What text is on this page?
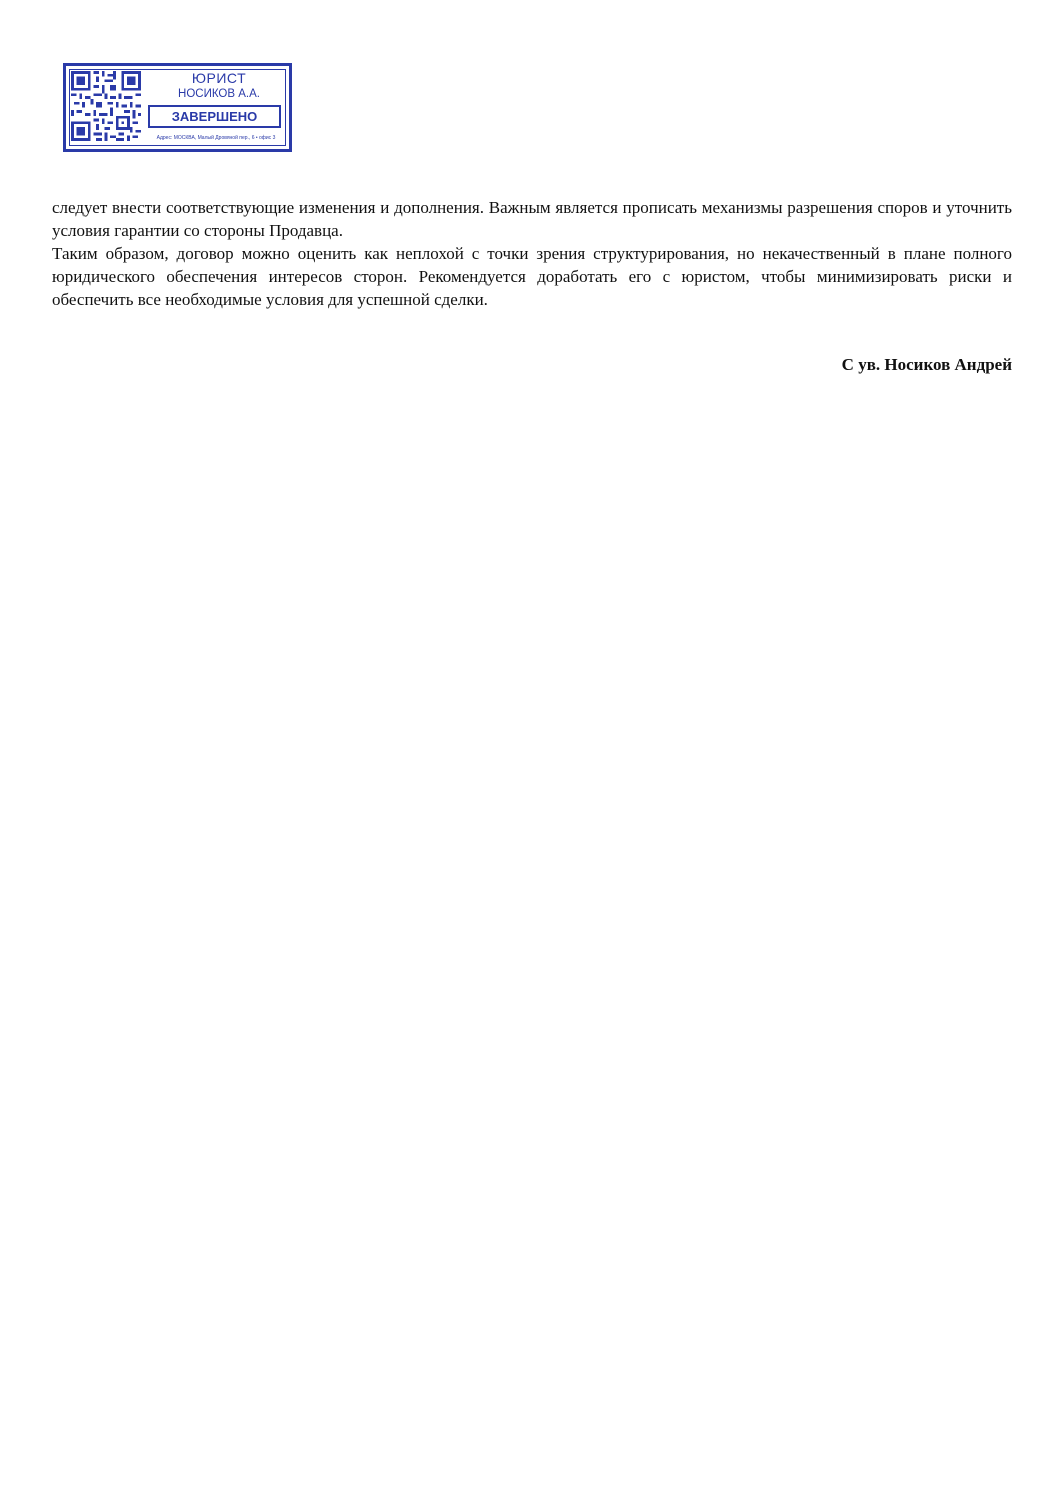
ЮРИСТ
НОСИКОВ А.А.
ЗАВЕРШЕНО
Адрес: МОСКВА, Малый Дровяной пер., 6 • офис 3

следует внести соответствующие изменения и дополнения. Важным является прописать механизмы разрешения споров и уточнить условия гарантии со стороны Продавца.

Таким образом, договор можно оценить как неплохой с точки зрения структурирования, но некачественный в плане полного юридического обеспечения интересов сторон. Рекомендуется доработать его с юристом, чтобы минимизировать риски и обеспечить все необходимые условия для успешной сделки.

С ув. Носиков Андрей
